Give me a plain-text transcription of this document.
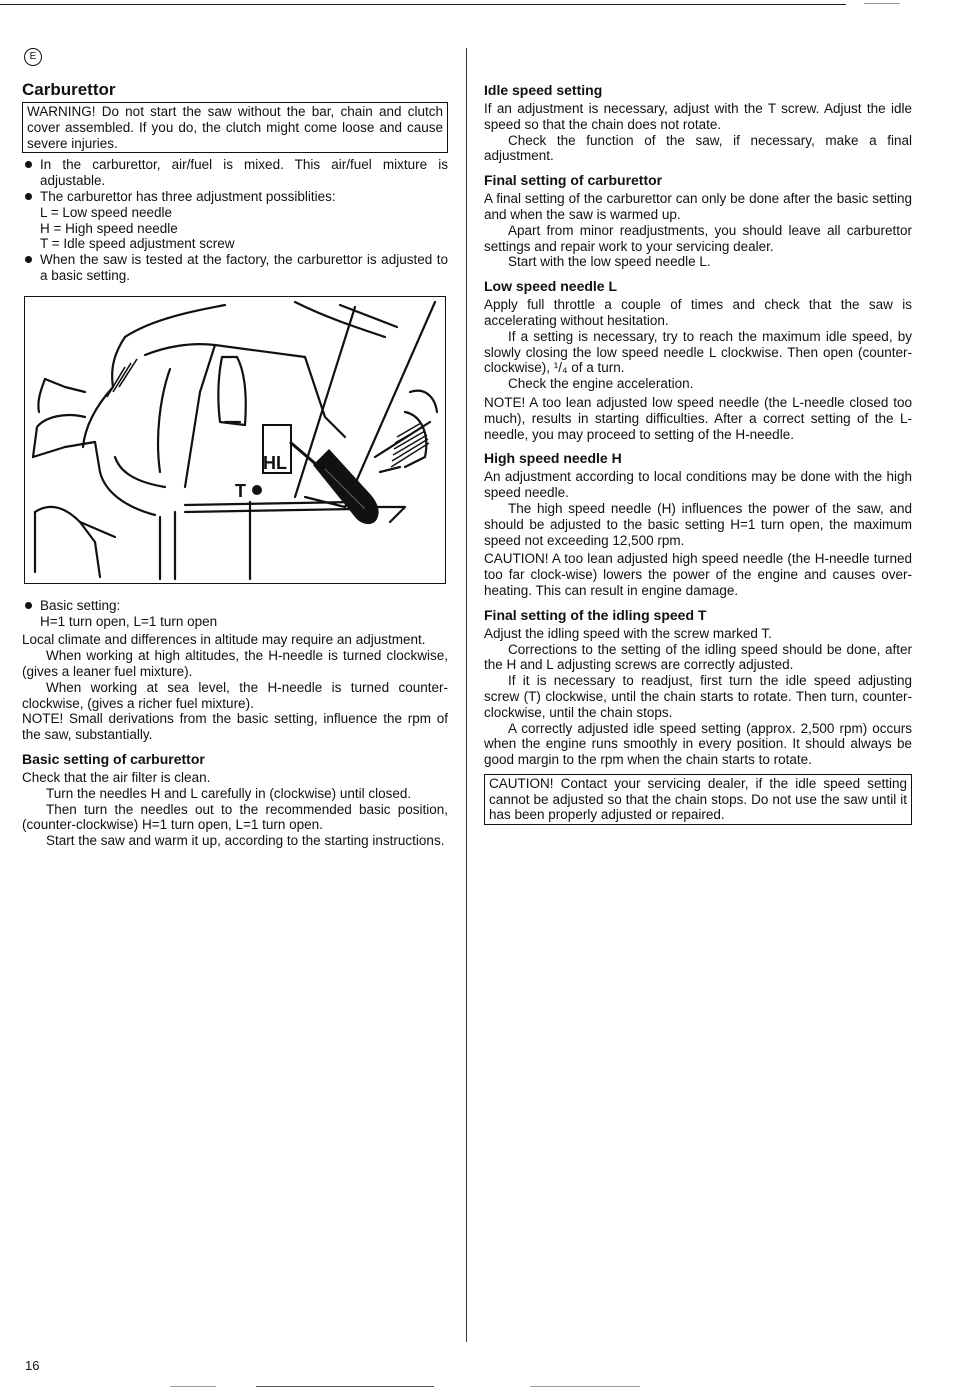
E
Carburettor
WARNING! Do not start the saw without the bar, chain and clutch cover assembled. If you do, the clutch might come loose and cause severe injuries.
In the carburettor, air/fuel is mixed. This air/fuel mixture is adjustable.
The carburettor has three adjustment possiblities:
L = Low speed needle
H = High speed needle
T = Idle speed adjustment screw
When the saw is tested at the factory, the carburettor is adjusted to a basic setting.
HL
T
Basic setting:
H=1 turn open, L=1 turn open

Local climate and differences in altitude may require an adjustment.

When working at high altitudes, the H-needle is turned clockwise, (gives a leaner fuel mixture).

When working at sea level, the H-needle is turned counter-clockwise, (gives a richer fuel mixture).

NOTE! Small derivations from the basic setting, influence the rpm of the saw, substantially.

Basic setting of carburettor

Check that the air filter is clean.

Turn the needles H and L carefully in (clockwise) until closed.

Then turn the needles out to the recommended basic position, (counter-clockwise) H=1 turn open, L=1 turn open.

Start the saw and warm it up, according to the starting instructions.

Idle speed setting

If an adjustment is necessary, adjust with the T screw. Adjust the idle speed so that the chain does not rotate.

Check the function of the saw, if necessary, make a final adjustment.

Final setting of carburettor

A final setting of the carburettor can only be done after the basic setting and when the saw is warmed up.

Apart from minor readjustments, you should leave all carburettor settings and repair work to your servicing dealer.

Start with the low speed needle L.

Low speed needle L

Apply full throttle a couple of times and check that the saw is accelerating without hesitation.

If a setting is necessary, try to reach the maximum idle speed, by slowly closing the low speed needle L clockwise. Then open (counter-clockwise), ¹/₄ of a turn.

Check the engine acceleration.

NOTE! A too lean adjusted low speed needle (the L-needle closed too much), results in starting difficulties. After a correct setting of the L-needle, you may proceed to setting of the H-needle.

High speed needle H

An adjustment according to local conditions may be done with the high speed needle.

The high speed needle (H) influences the power of the saw, and should be adjusted to the basic setting H=1 turn open, the maximum speed not exceeding 12,500 rpm.

CAUTION! A too lean adjusted high speed needle (the H-needle turned too far clock-wise) lowers the power of the engine and causes over-heating. This can result in engine damage.

Final setting of the idling speed T

Adjust the idling speed with the screw marked T.

Corrections to the setting of the idling speed should be done, after the H and L adjusting screws are correctly adjusted.

If it is necessary to readjust, first turn the idle speed adjusting screw (T) clockwise, until the chain starts to rotate. Then turn, counter-clockwise, until the chain stops.

A correctly adjusted idle speed setting (approx. 2,500 rpm) occurs when the engine runs smoothly in every position. It should always be good margin to the rpm when the chain starts to rotate.

CAUTION! Contact your servicing dealer, if the idle speed setting cannot be adjusted so that the chain stops. Do not use the saw until it has been properly adjusted or repaired.
16
